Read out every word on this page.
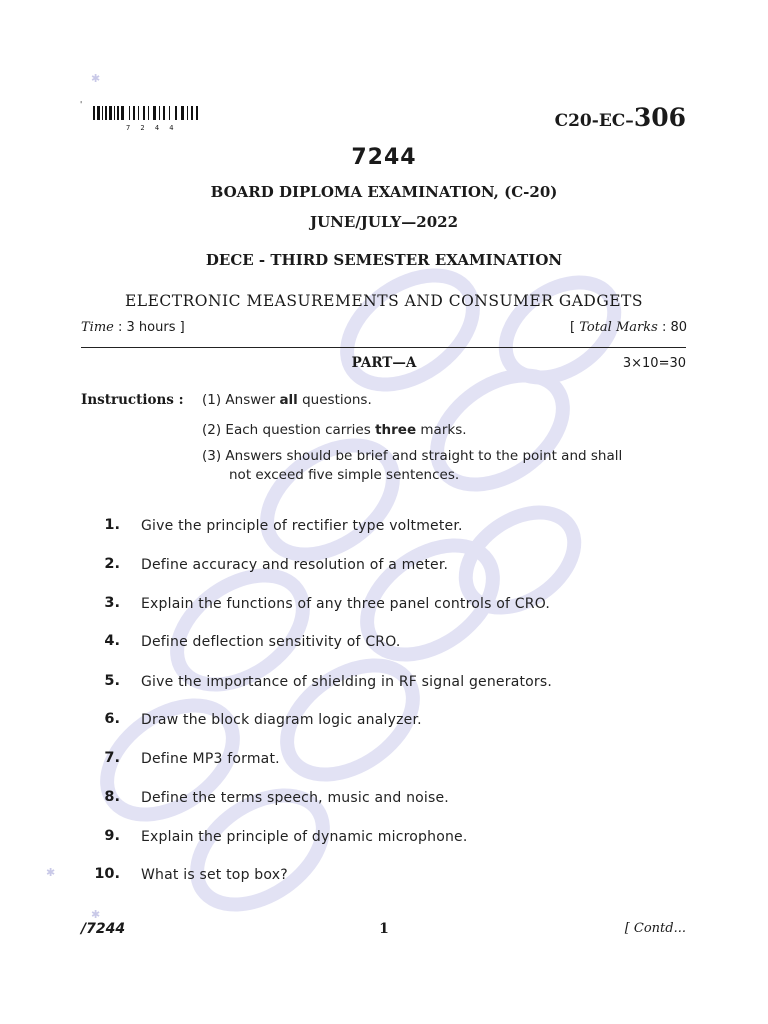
✱
✱
✱
'
7 2 4 4	C20-EC–306
7244
BOARD DIPLOMA EXAMINATION, (C-20)
JUNE/JULY—2022
DECE - THIRD SEMESTER EXAMINATION
ELECTRONIC MEASUREMENTS AND CONSUMER GADGETS
Time : 3 hours ]	[ Total Marks : 80
PART—A	3×10=30
Instructions : (1) Answer all questions.
(2) Each question carries three marks.
(3) Answers should be brief and straight to the point and shall
not exceed five simple sentences.
1. Give the principle of rectifier type voltmeter.
2. Define accuracy and resolution of a meter.
3. Explain the functions of any three panel controls of CRO.
4. Define deflection sensitivity of CRO.
5. Give the importance of shielding in RF signal generators.
6. Draw the block diagram logic analyzer.
7. Define MP3 format.
8. Define the terms speech, music and noise.
9. Explain the principle of dynamic microphone.
10. What is set top box?
/7244	1	[ Contd...
